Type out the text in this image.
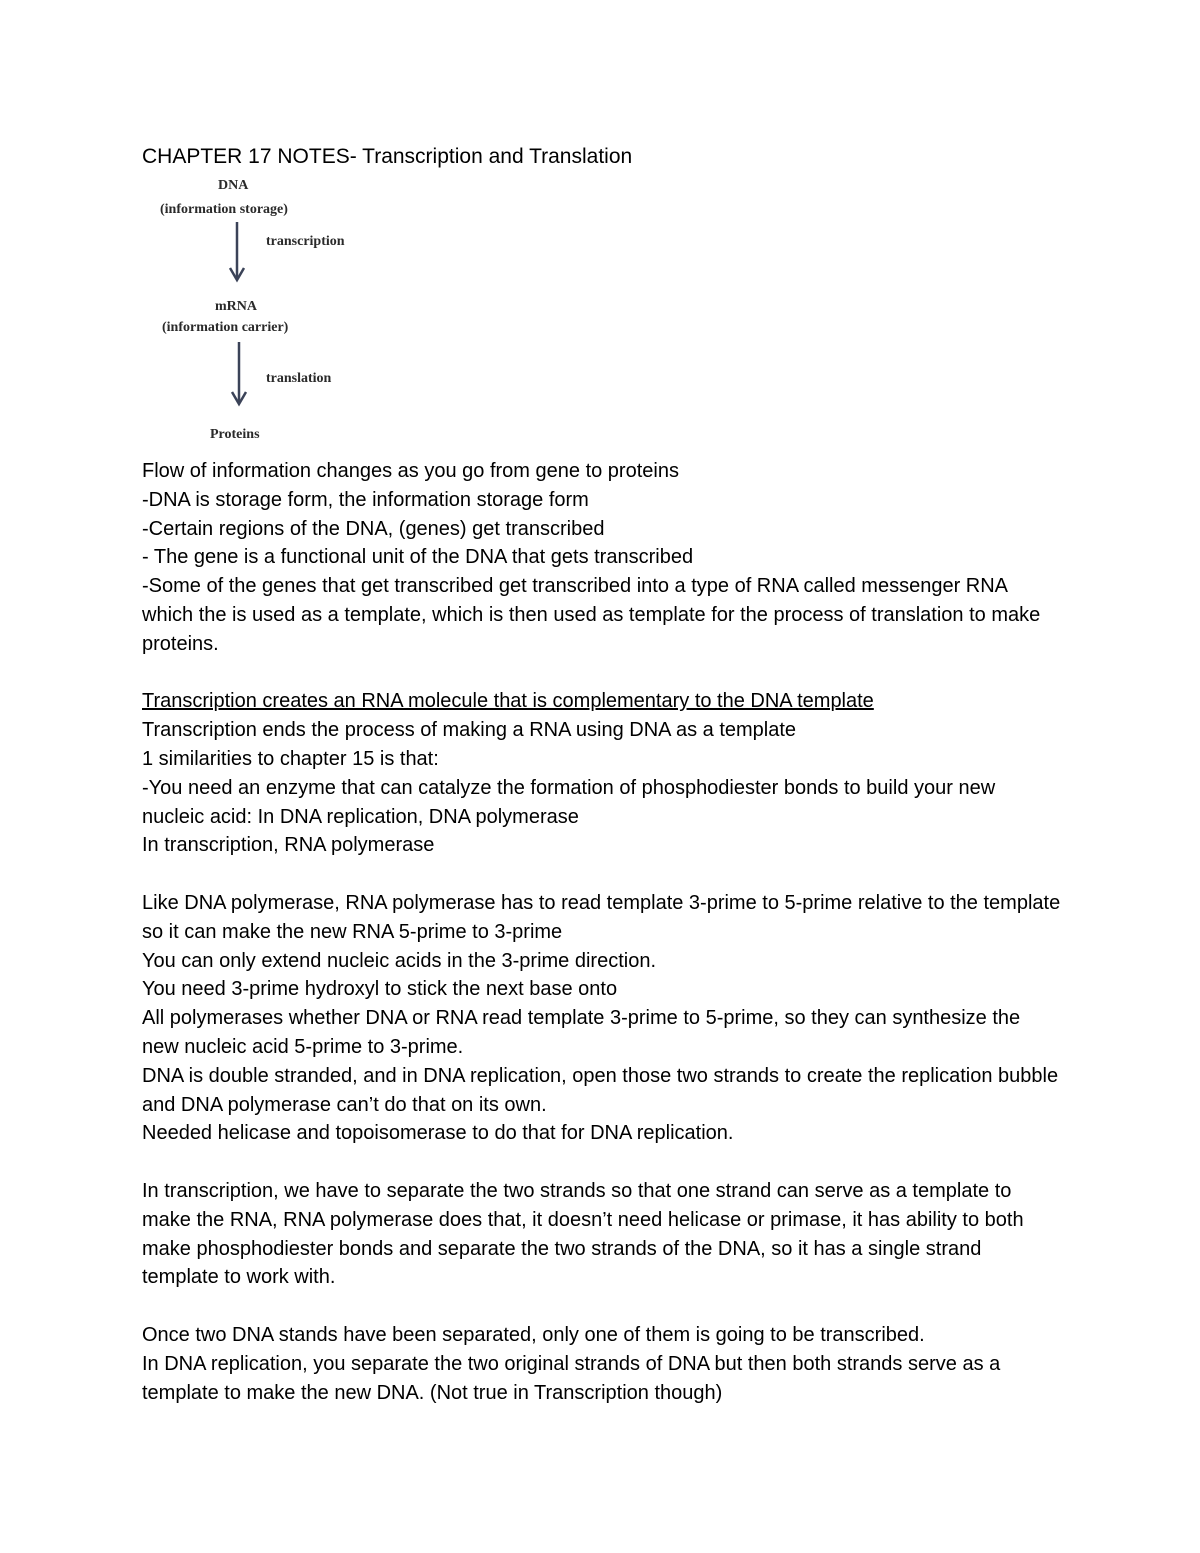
CHAPTER 17 NOTES- Transcription and Translation
DNA
(information storage)
transcription
mRNA
(information carrier)
translation
Proteins

Flow of information changes as you go from gene to proteins

-DNA is storage form, the information storage form

-Certain regions of the DNA, (genes) get transcribed

- The gene is a functional unit of the DNA that gets transcribed

-Some of the genes that get transcribed get transcribed into a type of RNA called messenger RNA which the is used as a template, which is then used as template for the process of translation to make proteins.

Transcription creates an RNA molecule that is complementary to the DNA template

Transcription ends the process of making a RNA using DNA as a template

1 similarities to chapter 15 is that:

-You need an enzyme that can catalyze the formation of phosphodiester bonds to build your new nucleic acid: In DNA replication, DNA polymerase

In transcription, RNA polymerase

Like DNA polymerase, RNA polymerase has to read template 3-prime to 5-prime relative to the template so it can make the new RNA 5-prime to 3-prime

You can only extend nucleic acids in the 3-prime direction.

You need 3-prime hydroxyl to stick the next base onto

All polymerases whether DNA or RNA read template 3-prime to 5-prime, so they can synthesize the new nucleic acid 5-prime to 3-prime.

DNA is double stranded, and in DNA replication, open those two strands to create the replication bubble and DNA polymerase can’t do that on its own.

Needed helicase and topoisomerase to do that for DNA replication.

In transcription, we have to separate the two strands so that one strand can serve as a template to make the RNA, RNA polymerase does that, it doesn’t need helicase or primase, it has ability to both make phosphodiester bonds and separate the two strands of the DNA, so it has a single strand template to work with.

Once two DNA stands have been separated, only one of them is going to be transcribed.

In DNA replication, you separate the two original strands of DNA but then both strands serve as a template to make the new DNA. (Not true in Transcription though)
